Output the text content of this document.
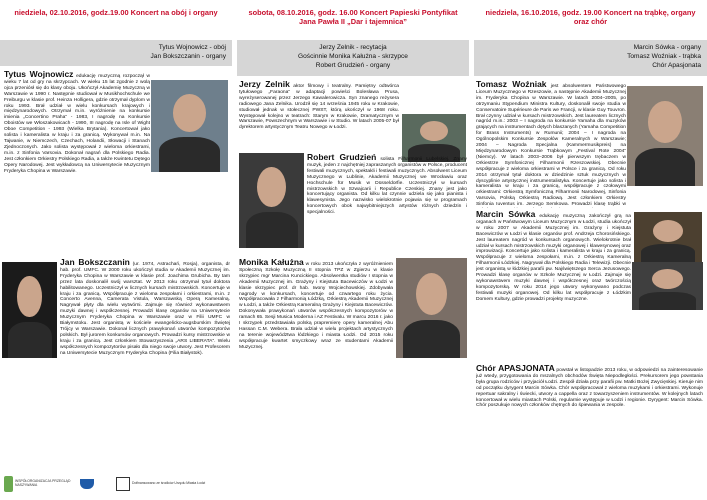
niedziela, 02.10.2016, godz.19.00 Koncert na obój i organy
Tytus Wojnowicz - obój
Jan Bokszczanin - organy
Tytus Wojnowicz edukację muzyczną rozpoczął w wieku 7 lat od gry na skrzypcach. W wieku 15 lat zgodnie z wolą ojca przeniósł się do klasy oboju. Ukończył Akademię Muzyczną w Warszawie w 1990 r. Następnie studiował w Musikhochschule we Freiburgu w klasie prof. Heinza Holligera, gdzie otrzymał dyplom w roku 1993. Brał udział w wielu konkursach krajowych i międzynarodowych. Otrzymał m.in. wyróżnienie na konkursie imienia „Concertino Praha” - 1983, I nagrodę na Konkursie Oboistów we Włoszakowicach - 1990, III nagrodę na Isle of Wight Oboe Competition - 1993 (Wielka Brytania). Koncertował jako solista i kameralista w kraju i za granicą. Wykonywał m.in. Na Tajwanie, w Niemczech, Czechach, Holandii, Słowacji i Stanach Zjednoczonych. Jako solista występował z wieloma orkiestrami, m.in. z Sinfonia Varsovia. Dokonał nagrań dla Polskiego Radia. Jest członkiem Orkiestry Polskiego Radia, a także Kwintetu Dętego Opery Narodowej. Jest wykładowcą na Uniwersytecie Muzycznym Fryderyka Chopina w Warszawie.
Jan Bokszczanin (ur. 1974, Astrachań, Rosja), organista, dr hab. prof. UMFC. W 2000 roku ukończył studia w Akademii Muzycznej im. Fryderyka Chopina w Warszawie w klasie prof. Joachima Grubicha. By tam przez lata doskonalił swój warsztat. W 2013 roku otrzymał tytuł doktora habilitowanego. Uczestniczył w licznych kursach mistrzowskich. Koncertuje w kraju i za granicą. Współpracuje z wieloma zespołami i orkiestrami, m.in. z Concerto Avenna, Camerata Vistula, Warszawską Operą Kameralną. Nagrywał płyty dla wielu wytwórni. Zajmuje się również wykonawstwem muzyki dawnej i współczesnej. Prowadzi klasę organów na Uniwersytecie Muzycznym Fryderyka Chopina w Warszawie oraz w Filii UMFC w Białymstoku. Jest organistą w kościele ewangelicko-augsburskim Świętej Trójcy w Warszawie. Dokonał licznych prawykonań utworów kompozytorów polskich. Był jurorem konkursów organowych. Prowadzi kursy mistrzowskie w kraju i za granicą. Jest członkiem Stowarzyszenia „ARS LIBERATA”. Wielu współczesnych kompozytorów pisało dla niego swoje utwory. Jest Profesorem na Uniwersytecie Muzycznym Fryderyka Chopina (Filia Białystok).
WSPÓŁORGANIZACJA PRZEGLĄD NASZYWANIA	Dofinansowano ze środków Urzędu Miasta Łodzi
sobota, 08.10.2016, godz. 16.00 Koncert Papieski Pontyfikat Jana Pawła II „Dar i tajemnica”
Jerzy Zelnik - recytacja
Gościnnie Monika Kałużna - skrzypce
Robert Grudzień - organy
Jerzy Zelnik aktor filmowy i teatralny. Pamiętny odtwórca tytułowego „Faraona” w adaptacji powieści Bolesława Prusa, wyreżyserowanej przez Jerzego Kawalerowicza. Syn znanego reżysera radiowego Jana Zelnika. Urodził się 14 września 1945 roku w Krakowie, studiował jednak w stołecznej PWST, którą ukończył w 1968 roku. Występował kolejno w teatrach: Starym w Krakowie, Dramatycznym w Warszawie, Powszechnym w Warszawie i w Studio. W latach 2005-07 był dyrektorem artystycznym Teatru Nowego w Łodzi.
Robert Grudzień solista Filharmonii Lubelskiej. Znany muzyk, jeden z najchętniej zapraszanych organistów w Polsce, producent festiwali muzycznych, spektakli i festiwali muzycznych. Absolwent Liceum Muzycznego w Lublinie, Akademii Muzycznej we Wrocławiu oraz Hochschule für Musik w Düsseldorfie. Uczestniczył w kursach mistrzowskich w Szwajcarii i Republice Czeskiej. Znany jest jako koncertujący organista. Od kilku lat czynnie udziela się jako pianista i klawesynista. Jego nazwisko wielokrotnie pojawia się w programach koncertowych obok najwybitniejszych artystów różnych dziedzin i specjalności.
Monika Kałużna w roku 2013 ukończyła z wyróżnieniem Społeczną Szkołę Muzyczną II stopnia TPZ w Zgierzu w klasie skrzypiec mgr Marcina Kuncickiego. Absolwentka studiów I stopnia w Akademii Muzycznej im. Grażyny i Kiejstuta Bacewiczów w Łodzi w klasie skrzypiec prof. dr hab. Iwony Wojciechowskiej. Zdobywała nagrody w konkursach, koncertuje od czwartego roku życia. Współpracowała z Filharmonią Łódzką, Orkiestrą Akademii Muzycznej w Łodzi, a także Orkiestrą Kameralną Grażyny i Kiejstuta Bacewiczów. Dokonywała prawykonań utworów współczesnych kompozytorów w ramach 65. Sesji Musica Moderna i AZ Festivalu. W marcu 2016 r. jako I skrzypek przedstawiała polską prapremierę opery kameralnej Abu Hassan C.M. Webera. Brała udział w wielu projektach artystycznych na terenie województwa łódzkiego i miasta Łodzi. Od 2015 roku współpracuje kwartet smyczkowy wraz ze studentami Akademii Muzycznej.
niedziela, 16.10.2016, godz. 19.00 Koncert na trąbkę, organy oraz chór
Marcin Sówka - organy
Tomasz Woźniak - trąbka
Chór Apasjonata
Tomasz Woźniak jest absolwentem Państwowego Liceum Muzycznego w Rzeszowie, a następnie Akademii Muzycznej im. Fryderyka Chopina w Warszawie. W latach 2004–2005, po otrzymaniu Stypendium Ministra Kultury, doskonalił swoje studia w Conservatoire Supérieure de Paris we Francji, w klasie Guy Touvron. Brał czynny udział w kursach mistrzowskich. Jest laureatem licznych nagród m.in.: 2003 – I nagroda na konkursie Yamaha dla muzyków grających na instrumentach dętych blaszanych (Yamaha Competition for Brass Instruments) w Rumunii; 2004 – I nagroda na Ogólnopolskim Konkursie Zespołów Kameralnych w Warszawie; 2004 – Nagroda Specjalna (Kammermusikpreis) na Międzynarodowym Konkursie Trąbkowym „Festival Rote 2004” (Niemcy). W latach 2003–2006 był pierwszym trębaczem w Orkiestrze Symfonicznej Filharmonii Rzeszowskiej. Obecnie współpracuje z wieloma orkiestrami w Polsce i za granicą. Od roku 2014 otrzymał tytuł doktora w dziedzinie sztuk muzycznych w dyscyplinie artystycznej instrumentalistyka. Koncertuje jako solista i kameralista w kraju i za granicą, współpracuje z czołowymi orkiestrami: Orkiestrą Symfoniczną Filharmonii Narodowej, Sinfonia Varsovia, Polską Orkiestrą Radiową. Jest członkiem Orkiestry Sinfonia Iuventus im. Jerzego Semkowa. Prowadzi klasę trąbki w
Marcin Sówka edukację muzyczną zakończył grą na organach w Państwowym Liceum Muzycznym w Łodzi, studia ukończył w roku 2007 w Akademii Muzycznej im. Grażyny i Kiejstuta Bacewiczów w Łodzi w klasie organów prof. Andrzeja Chorosińskiego. Jest laureatem nagród w konkursach organowych. Wielokrotnie brał udział w kursach mistrzowskich muzyki organowej i klawesynowej oraz improwizacji. Koncertuje jako solista i kameralista w kraju i za granicą. Współpracuje z wieloma zespołami, m.in. z Orkiestrą Kameralną Filharmonii Łódzkiej. Nagrywał dla Polskiego Radia i Telewizji. Obecnie jest organistą w łódzkiej parafii pw. Najświętszego Serca Jezusowego. Prowadzi klasę organów w Szkole Muzycznej w Łodzi. Zajmuje się wykonawstwem muzyki dawnej i współczesnej oraz twórczością kompozytorską. W roku 2014 jego utwory wykonywano podczas festiwali muzyki organowej. Od kilku lat współpracuje z Łódzkim Domem Kultury, gdzie prowadzi projekty muzyczne.
Chór APASJONATA powstał w listopadzie 2013 roku, w odpowiedzi na zainteresowanie już wtedy, przygotowania do mszalnych obchodów Święta Niepodległości. Prekursorem jego powstania była grupa rodziców i przyjaciół Łodzi. Zespół działa przy parafii pw. Matki Bożej Zwycięskiej. Kieruje nim od początku dyrygent Marcin Sówka. Chór współpracował z wieloma muzykami i orkiestrami. Wykonuje repertuar sakralny i świecki, utwory a cappella oraz z towarzyszeniem instrumentów. W kolejnych latach koncertował w wielu miastach Polski, regularnie występuje w Łodzi i regionie. Dyrygent: Marcin Sówka. Chór poszukuje nowych członków chętnych do śpiewania w zespole.
